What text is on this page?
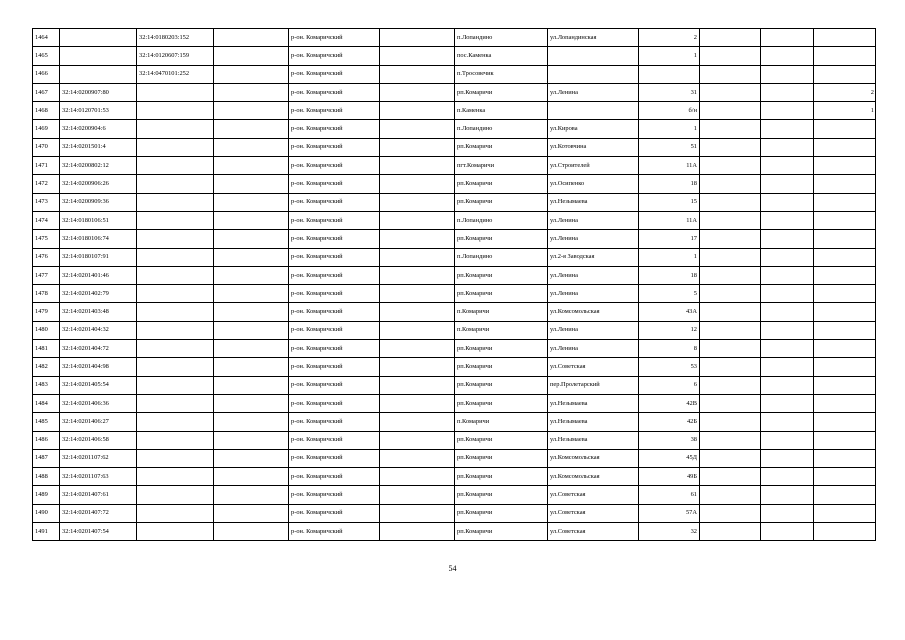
1464		32:14:0180203:152		р-он. Комаричский		п.Лопандино	ул.Лопандинская	2			
1465		32:14:0120607:159		р-он. Комаричский		пос.Каменка		1			
1466		32:14:0470101:252		р-он. Комаричский		п.Тросовечик					
1467	32:14:0200907:80			р-он. Комаричский		рп.Комаричи	ул.Ленина	31			2
1468	32:14:0120701:53			р-он. Комаричский		п.Каменка		б/н			1
1469	32:14:0200904:6			р-он. Комаричский		п.Лопандино	ул.Кирова	1			
1470	32:14:0201501:4			р-он. Комаричский		рп.Комаричи	ул.Котовчина	51			
1471	32:14:0200802:12			р-он. Комаричский		пгт.Комаричи	ул.Строителей	11А			
1472	32:14:0200906:26			р-он. Комаричский		рп.Комаричи	ул.Осипенко	18			
1473	32:14:0200909:36			р-он. Комаричский		рп.Комаричи	ул.Незымаева	15			
1474	32:14:0180106:51			р-он. Комаричский		п.Лопандино	ул.Ленина	11А			
1475	32:14:0180106:74			р-он. Комаричский		рп.Комаричи	ул.Ленина	17			
1476	32:14:0180107:91			р-он. Комаричский		п.Лопандино	ул.2-я Заводская	1			
1477	32:14:0201401:46			р-он. Комаричский		рп.Комаричи	ул.Ленина	18			
1478	32:14:0201402:79			р-он. Комаричский		рп.Комаричи	ул.Ленина	5			
1479	32:14:0201403:48			р-он. Комаричский		п.Комаричи	ул.Комсомольская	43А			
1480	32:14:0201404:32			р-он. Комаричский		п.Комаричи	ул.Ленина	12			
1481	32:14:0201404:72			р-он. Комаричский		рп.Комаричи	ул.Ленина	8			
1482	32:14:0201404:98			р-он. Комаричский		рп.Комаричи	ул.Советская	53			
1483	32:14:0201405:54			р-он. Комаричский		рп.Комаричи	пер.Пролетарский	6			
1484	32:14:0201406:36			р-он. Комаричский		рп.Комаричи	ул.Незымаева	42В			
1485	32:14:0201406:27			р-он. Комаричский		п.Комаричи	ул.Незымаева	42Б			
1486	32:14:0201406:58			р-он. Комаричский		рп.Комаричи	ул.Незымаева	38			
1487	32:14:0201107:62			р-он. Комаричский		рп.Комаричи	ул.Комсомольская	45Д			
1488	32:14:0201107:63			р-он. Комаричский		рп.Комаричи	ул.Комсомольская	49Б			
1489	32:14:0201407:61			р-он. Комаричский		рп.Комаричи	ул.Советская	61			
1490	32:14:0201407:72			р-он. Комаричский		рп.Комаричи	ул.Советская	57А			
1491	32:14:0201407:54			р-он. Комаричский		рп.Комаричи	ул.Советская	32			
54
